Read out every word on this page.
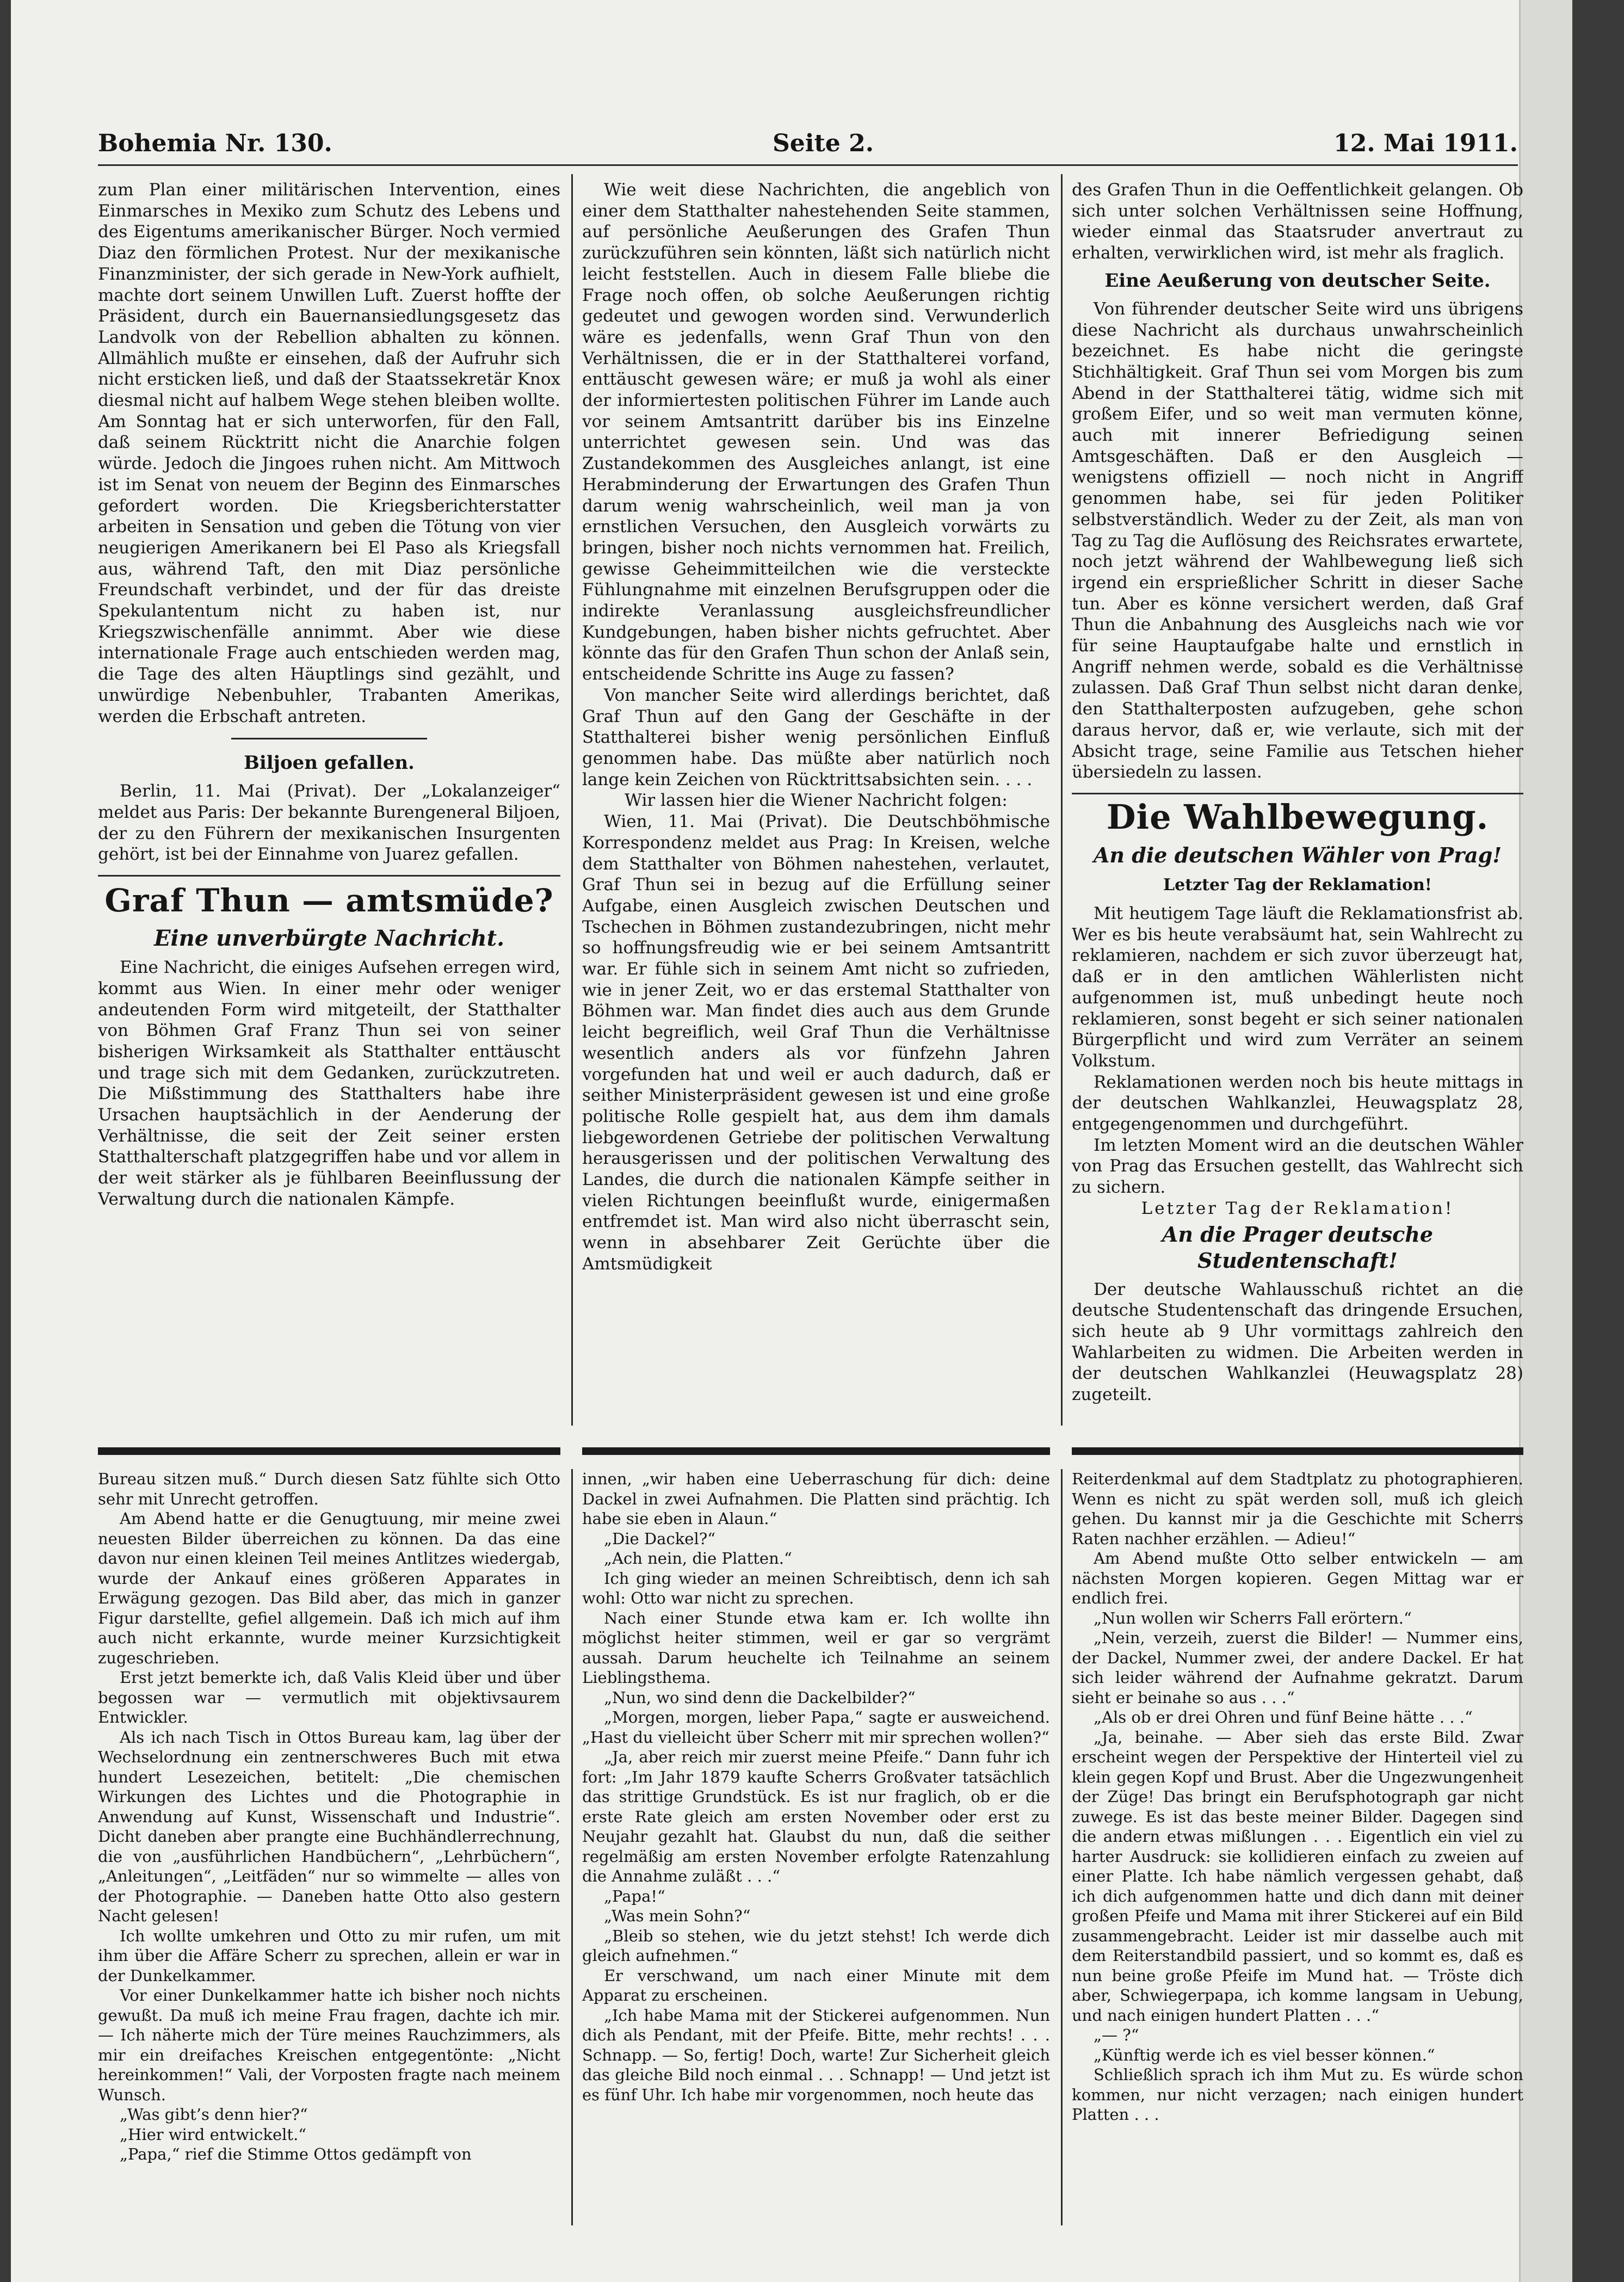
Bohemia Nr. 130.	Seite 2.	12. Mai 1911.

zum Plan einer militärischen Intervention, eines Einmarsches in Mexiko zum Schutz des Lebens und des Eigentums amerikanischer Bürger. Noch vermied Diaz den förmlichen Protest. Nur der mexikanische Finanzminister, der sich gerade in New-York aufhielt, machte dort seinem Unwillen Luft. Zuerst hoffte der Präsident, durch ein Bauernansiedlungsgesetz das Landvolk von der Rebellion abhalten zu können. Allmählich mußte er einsehen, daß der Aufruhr sich nicht ersticken ließ, und daß der Staatssekretär Knox diesmal nicht auf halbem Wege stehen bleiben wollte. Am Sonntag hat er sich unterworfen, für den Fall, daß seinem Rücktritt nicht die Anarchie folgen würde. Jedoch die Jingoes ruhen nicht. Am Mittwoch ist im Senat von neuem der Beginn des Einmarsches gefordert worden. Die Kriegsberichterstatter arbeiten in Sensation und geben die Tötung von vier neugierigen Amerikanern bei El Paso als Kriegsfall aus, während Taft, den mit Diaz persönliche Freundschaft verbindet, und der für das dreiste Spekulantentum nicht zu haben ist, nur Kriegszwischenfälle annimmt. Aber wie diese internationale Frage auch entschieden werden mag, die Tage des alten Häuptlings sind gezählt, und unwürdige Nebenbuhler, Trabanten Amerikas, werden die Erbschaft antreten.

Biljoen gefallen.

Berlin, 11. Mai (Privat). Der „Lokalanzeiger“ meldet aus Paris: Der bekannte Burengeneral Biljoen, der zu den Führern der mexikanischen Insurgenten gehört, ist bei der Einnahme von Juarez gefallen.

Graf Thun — amtsmüde?
Eine unverbürgte Nachricht.

Eine Nachricht, die einiges Aufsehen erregen wird, kommt aus Wien. In einer mehr oder weniger andeutenden Form wird mitgeteilt, der Statthalter von Böhmen Graf Franz Thun sei von seiner bisherigen Wirksamkeit als Statthalter enttäuscht und trage sich mit dem Gedanken, zurückzutreten. Die Mißstimmung des Statthalters habe ihre Ursachen hauptsächlich in der Aenderung der Verhältnisse, die seit der Zeit seiner ersten Statthalterschaft platzgegriffen habe und vor allem in der weit stärker als je fühlbaren Beeinflussung der Verwaltung durch die nationalen Kämpfe.

Wie weit diese Nachrichten, die angeblich von einer dem Statthalter nahestehenden Seite stammen, auf persönliche Aeußerungen des Grafen Thun zurückzuführen sein könnten, läßt sich natürlich nicht leicht feststellen. Auch in diesem Falle bliebe die Frage noch offen, ob solche Aeußerungen richtig gedeutet und gewogen worden sind. Verwunderlich wäre es jedenfalls, wenn Graf Thun von den Verhältnissen, die er in der Statthalterei vorfand, enttäuscht gewesen wäre; er muß ja wohl als einer der informiertesten politischen Führer im Lande auch vor seinem Amtsantritt darüber bis ins Einzelne unterrichtet gewesen sein. Und was das Zustandekommen des Ausgleiches anlangt, ist eine Herabminderung der Erwartungen des Grafen Thun darum wenig wahrscheinlich, weil man ja von ernstlichen Versuchen, den Ausgleich vorwärts zu bringen, bisher noch nichts vernommen hat. Freilich, gewisse Geheimmitteilchen wie die versteckte Fühlungnahme mit einzelnen Berufsgruppen oder die indirekte Veranlassung ausgleichsfreundlicher Kundgebungen, haben bisher nichts gefruchtet. Aber könnte das für den Grafen Thun schon der Anlaß sein, entscheidende Schritte ins Auge zu fassen?

Von mancher Seite wird allerdings berichtet, daß Graf Thun auf den Gang der Geschäfte in der Statthalterei bisher wenig persönlichen Einfluß genommen habe. Das müßte aber natürlich noch lange kein Zeichen von Rücktrittsabsichten sein. . . .

Wir lassen hier die Wiener Nachricht folgen:

Wien, 11. Mai (Privat). Die Deutschböhmische Korrespondenz meldet aus Prag: In Kreisen, welche dem Statthalter von Böhmen nahestehen, verlautet, Graf Thun sei in bezug auf die Erfüllung seiner Aufgabe, einen Ausgleich zwischen Deutschen und Tschechen in Böhmen zustandezubringen, nicht mehr so hoffnungsfreudig wie er bei seinem Amtsantritt war. Er fühle sich in seinem Amt nicht so zufrieden, wie in jener Zeit, wo er das erstemal Statthalter von Böhmen war. Man findet dies auch aus dem Grunde leicht begreiflich, weil Graf Thun die Verhältnisse wesentlich anders als vor fünfzehn Jahren vorgefunden hat und weil er auch dadurch, daß er seither Ministerpräsident gewesen ist und eine große politische Rolle gespielt hat, aus dem ihm damals liebgewordenen Getriebe der politischen Verwaltung herausgerissen und der politischen Verwaltung des Landes, die durch die nationalen Kämpfe seither in vielen Richtungen beeinflußt wurde, einigermaßen entfremdet ist. Man wird also nicht überrascht sein, wenn in absehbarer Zeit Gerüchte über die Amtsmüdigkeit

des Grafen Thun in die Oeffentlichkeit gelangen. Ob sich unter solchen Verhältnissen seine Hoffnung, wieder einmal das Staatsruder anvertraut zu erhalten, verwirklichen wird, ist mehr als fraglich.

Eine Aeußerung von deutscher Seite.

Von führender deutscher Seite wird uns übrigens diese Nachricht als durchaus unwahrscheinlich bezeichnet. Es habe nicht die geringste Stichhältigkeit. Graf Thun sei vom Morgen bis zum Abend in der Statthalterei tätig, widme sich mit großem Eifer, und so weit man vermuten könne, auch mit innerer Befriedigung seinen Amtsgeschäften. Daß er den Ausgleich — wenigstens offiziell — noch nicht in Angriff genommen habe, sei für jeden Politiker selbstverständlich. Weder zu der Zeit, als man von Tag zu Tag die Auflösung des Reichsrates erwartete, noch jetzt während der Wahlbewegung ließ sich irgend ein ersprießlicher Schritt in dieser Sache tun. Aber es könne versichert werden, daß Graf Thun die Anbahnung des Ausgleichs nach wie vor für seine Hauptaufgabe halte und ernstlich in Angriff nehmen werde, sobald es die Verhältnisse zulassen. Daß Graf Thun selbst nicht daran denke, den Statthalterposten aufzugeben, gehe schon daraus hervor, daß er, wie verlaute, sich mit der Absicht trage, seine Familie aus Tetschen hieher übersiedeln zu lassen.

Die Wahlbewegung.
An die deutschen Wähler von Prag!
Letzter Tag der Reklamation!

Mit heutigem Tage läuft die Reklamationsfrist ab. Wer es bis heute verabsäumt hat, sein Wahlrecht zu reklamieren, nachdem er sich zuvor überzeugt hat, daß er in den amtlichen Wählerlisten nicht aufgenommen ist, muß unbedingt heute noch reklamieren, sonst begeht er sich seiner nationalen Bürgerpflicht und wird zum Verräter an seinem Volkstum.

Reklamationen werden noch bis heute mittags in der deutschen Wahlkanzlei, Heuwagsplatz 28, entgegengenommen und durchgeführt.

Im letzten Moment wird an die deutschen Wähler von Prag das Ersuchen gestellt, das Wahlrecht sich zu sichern.

Letzter Tag der Reklamation!

An die Prager deutsche Studentenschaft!

Der deutsche Wahlausschuß richtet an die deutsche Studentenschaft das dringende Ersuchen, sich heute ab 9 Uhr vormittags zahlreich den Wahlarbeiten zu widmen. Die Arbeiten werden in der deutschen Wahlkanzlei (Heuwagsplatz 28) zugeteilt.

Bureau sitzen muß.“ Durch diesen Satz fühlte sich Otto sehr mit Unrecht getroffen.

Am Abend hatte er die Genugtuung, mir meine zwei neuesten Bilder überreichen zu können. Da das eine davon nur einen kleinen Teil meines Antlitzes wiedergab, wurde der Ankauf eines größeren Apparates in Erwägung gezogen. Das Bild aber, das mich in ganzer Figur darstellte, gefiel allgemein. Daß ich mich auf ihm auch nicht erkannte, wurde meiner Kurzsichtigkeit zugeschrieben.

Erst jetzt bemerkte ich, daß Valis Kleid über und über begossen war — vermutlich mit objektivsaurem Entwickler.

Als ich nach Tisch in Ottos Bureau kam, lag über der Wechselordnung ein zentnerschweres Buch mit etwa hundert Lesezeichen, betitelt: „Die chemischen Wirkungen des Lichtes und die Photographie in Anwendung auf Kunst, Wissenschaft und Industrie“. Dicht daneben aber prangte eine Buchhändlerrechnung, die von „ausführlichen Handbüchern“, „Lehrbüchern“, „Anleitungen“, „Leitfäden“ nur so wimmelte — alles von der Photographie. — Daneben hatte Otto also gestern Nacht gelesen!

Ich wollte umkehren und Otto zu mir rufen, um mit ihm über die Affäre Scherr zu sprechen, allein er war in der Dunkelkammer.

Vor einer Dunkelkammer hatte ich bisher noch nichts gewußt. Da muß ich meine Frau fragen, dachte ich mir. — Ich näherte mich der Türe meines Rauchzimmers, als mir ein dreifaches Kreischen entgegentönte: „Nicht hereinkommen!“ Vali, der Vorposten fragte nach meinem Wunsch.

„Was gibt’s denn hier?“

„Hier wird entwickelt.“

„Papa,“ rief die Stimme Ottos gedämpft von

innen, „wir haben eine Ueberraschung für dich: deine Dackel in zwei Aufnahmen. Die Platten sind prächtig. Ich habe sie eben in Alaun.“

„Die Dackel?“

„Ach nein, die Platten.“

Ich ging wieder an meinen Schreibtisch, denn ich sah wohl: Otto war nicht zu sprechen.

Nach einer Stunde etwa kam er. Ich wollte ihn möglichst heiter stimmen, weil er gar so vergrämt aussah. Darum heuchelte ich Teilnahme an seinem Lieblingsthema.

„Nun, wo sind denn die Dackelbilder?“

„Morgen, morgen, lieber Papa,“ sagte er ausweichend. „Hast du vielleicht über Scherr mit mir sprechen wollen?“

„Ja, aber reich mir zuerst meine Pfeife.“ Dann fuhr ich fort: „Im Jahr 1879 kaufte Scherrs Großvater tatsächlich das strittige Grundstück. Es ist nur fraglich, ob er die erste Rate gleich am ersten November oder erst zu Neujahr gezahlt hat. Glaubst du nun, daß die seither regelmäßig am ersten November erfolgte Ratenzahlung die Annahme zuläßt . . .“

„Papa!“

„Was mein Sohn?“

„Bleib so stehen, wie du jetzt stehst! Ich werde dich gleich aufnehmen.“

Er verschwand, um nach einer Minute mit dem Apparat zu erscheinen.

„Ich habe Mama mit der Stickerei aufgenommen. Nun dich als Pendant, mit der Pfeife. Bitte, mehr rechts! . . . Schnapp. — So, fertig! Doch, warte! Zur Sicherheit gleich das gleiche Bild noch einmal . . . Schnapp! — Und jetzt ist es fünf Uhr. Ich habe mir vorgenommen, noch heute das

Reiterdenkmal auf dem Stadtplatz zu photographieren. Wenn es nicht zu spät werden soll, muß ich gleich gehen. Du kannst mir ja die Geschichte mit Scherrs Raten nachher erzählen. — Adieu!“

Am Abend mußte Otto selber entwickeln — am nächsten Morgen kopieren. Gegen Mittag war er endlich frei.

„Nun wollen wir Scherrs Fall erörtern.“

„Nein, verzeih, zuerst die Bilder! — Nummer eins, der Dackel, Nummer zwei, der andere Dackel. Er hat sich leider während der Aufnahme gekratzt. Darum sieht er beinahe so aus . . .“

„Als ob er drei Ohren und fünf Beine hätte . . .“

„Ja, beinahe. — Aber sieh das erste Bild. Zwar erscheint wegen der Perspektive der Hinterteil viel zu klein gegen Kopf und Brust. Aber die Ungezwungenheit der Züge! Das bringt ein Berufsphotograph gar nicht zuwege. Es ist das beste meiner Bilder. Dagegen sind die andern etwas mißlungen . . . Eigentlich ein viel zu harter Ausdruck: sie kollidieren einfach zu zweien auf einer Platte. Ich habe nämlich vergessen gehabt, daß ich dich aufgenommen hatte und dich dann mit deiner großen Pfeife und Mama mit ihrer Stickerei auf ein Bild zusammengebracht. Leider ist mir dasselbe auch mit dem Reiterstandbild passiert, und so kommt es, daß es nun beine große Pfeife im Mund hat. — Tröste dich aber, Schwiegerpapa, ich komme langsam in Uebung, und nach einigen hundert Platten . . .“

„— ?“

„Künftig werde ich es viel besser können.“

Schließlich sprach ich ihm Mut zu. Es würde schon kommen, nur nicht verzagen; nach einigen hundert Platten . . .
